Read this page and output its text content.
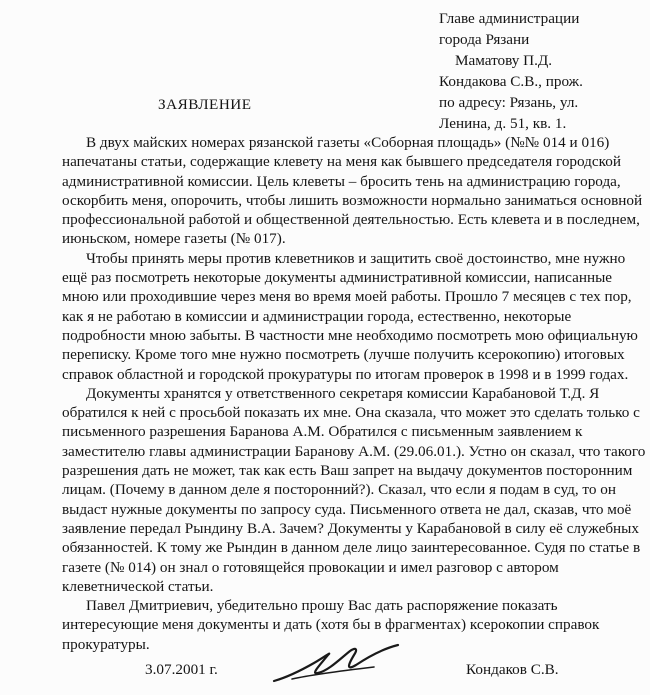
Главе администрации
города Рязани
Маматову П.Д.
Кондакова С.В., прож.
по адресу: Рязань, ул.
Ленина, д. 51, кв. 1.
ЗАЯВЛЕНИЕ
В двух майских номерах рязанской газеты «Соборная площадь» (№№ 014 и 016)
напечатаны статьи, содержащие клевету на меня как бывшего председателя городской
административной комиссии. Цель клеветы – бросить тень на администрацию города,
оскорбить меня, опорочить, чтобы лишить возможности нормально заниматься основной
профессиональной работой и общественной деятельностью. Есть клевета и в последнем,
июньском, номере газеты (№ 017).
Чтобы принять меры против клеветников и защитить своё достоинство, мне нужно
ещё раз посмотреть некоторые документы административной комиссии, написанные
мною или проходившие через меня во время моей работы. Прошло 7 месяцев с тех пор,
как я не работаю в комиссии и администрации города, естественно, некоторые
подробности мною забыты. В частности мне необходимо посмотреть мою официальную
переписку. Кроме того мне нужно посмотреть (лучше получить ксерокопию) итоговых
справок областной и городской прокуратуры по итогам проверок в 1998 и в 1999 годах.
Документы хранятся у ответственного секретаря комиссии Карабановой Т.Д. Я
обратился к ней с просьбой показать их мне. Она сказала, что может это сделать только с
письменного разрешения Баранова А.М. Обратился с письменным заявлением к
заместителю главы администрации Баранову А.М. (29.06.01.). Устно он сказал, что такого
разрешения дать не может, так как есть Ваш запрет на выдачу документов посторонним
лицам. (Почему в данном деле я посторонний?). Сказал, что если я подам в суд, то он
выдаст нужные документы по запросу суда. Письменного ответа не дал, сказав, что моё
заявление передал Рындину В.А. Зачем? Документы у Карабановой в силу её служебных
обязанностей. К тому же Рындин в данном деле лицо заинтересованное. Судя по статье в
газете (№ 014) он знал о готовящейся провокации и имел разговор с автором
клеветнической статьи.
Павел Дмитриевич, убедительно прошу Вас дать распоряжение показать
интересующие меня документы и дать (хотя бы в фрагментах) ксерокопии справок
прокуратуры.
3.07.2001 г.	Кондаков С.В.
